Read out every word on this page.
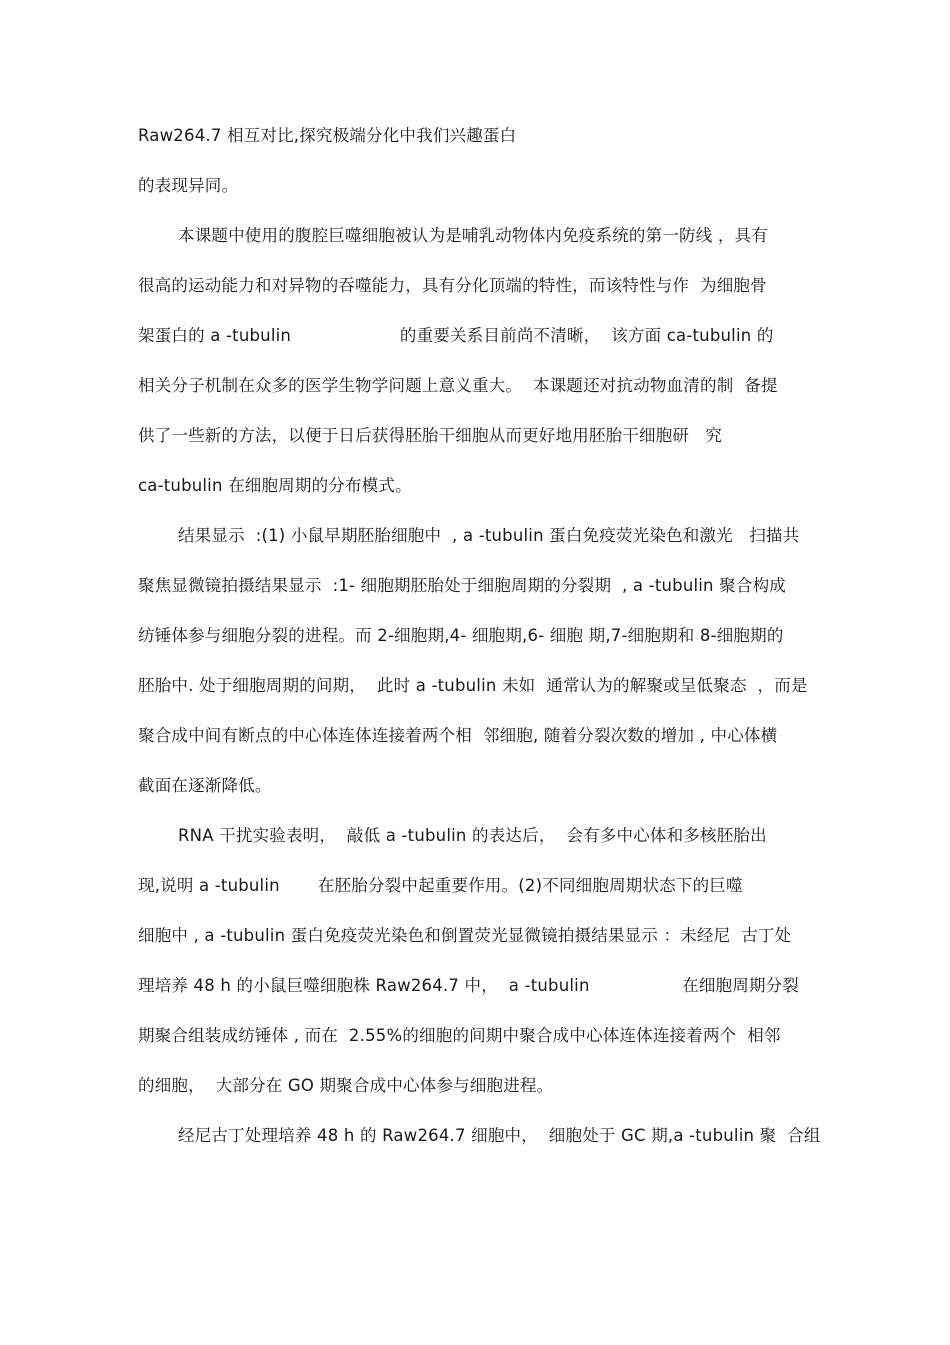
Raw264.7 相互对比,探究极端分化中我们兴趣蛋白
的表现异同。
本课题中使用的腹腔巨噬细胞被认为是哺乳动物体内免疫系统的第一防线 ，具有
很高的运动能力和对异物的吞噬能力，具有分化顶端的特性，而该特性与作  为细胞骨
架蛋白的 a -tubulin                    的重要关系目前尚不清晰，  该方面 ca-tubulin 的
相关分子机制在众多的医学生物学问题上意义重大。  本课题还对抗动物血清的制  备提
供了一些新的方法，以便于日后获得胚胎干细胞从而更好地用胚胎干细胞研   究
ca-tubulin 在细胞周期的分布模式。
结果显示  :(1) 小鼠早期胚胎细胞中  , a -tubulin 蛋白免疫荧光染色和激光   扫描共
聚焦显微镜拍摄结果显示  :1- 细胞期胚胎处于细胞周期的分裂期  , a -tubulin 聚合构成
纺锤体参与细胞分裂的进程。而 2-细胞期,4- 细胞期,6- 细胞 期,7-细胞期和 8-细胞期的
胚胎中. 处于细胞周期的间期，  此时 a -tubulin 未如  通常认为的解聚或呈低聚态  ，而是
聚合成中间有断点的中心体连体连接着两个相  邻细胞, 随着分裂次数的增加 , 中心体横
截面在逐渐降低。
RNA 干扰实验表明，  敲低 a -tubulin 的表达后，  会有多中心体和多核胚胎出
现,说明 a -tubulin       在胚胎分裂中起重要作用。(2)不同细胞周期状态下的巨噬
细胞中 , a -tubulin 蛋白免疫荧光染色和倒置荧光显微镜拍摄结果显示 ：未经尼  古丁处
理培养 48 h 的小鼠巨噬细胞株 Raw264.7 中，  a -tubulin                 在细胞周期分裂
期聚合组装成纺锤体 , 而在  2.55%的细胞的间期中聚合成中心体连体连接着两个  相邻
的细胞，  大部分在 GO 期聚合成中心体参与细胞进程。
经尼古丁处理培养 48 h 的 Raw264.7 细胞中，  细胞处于 GC 期,a -tubulin 聚  合组
